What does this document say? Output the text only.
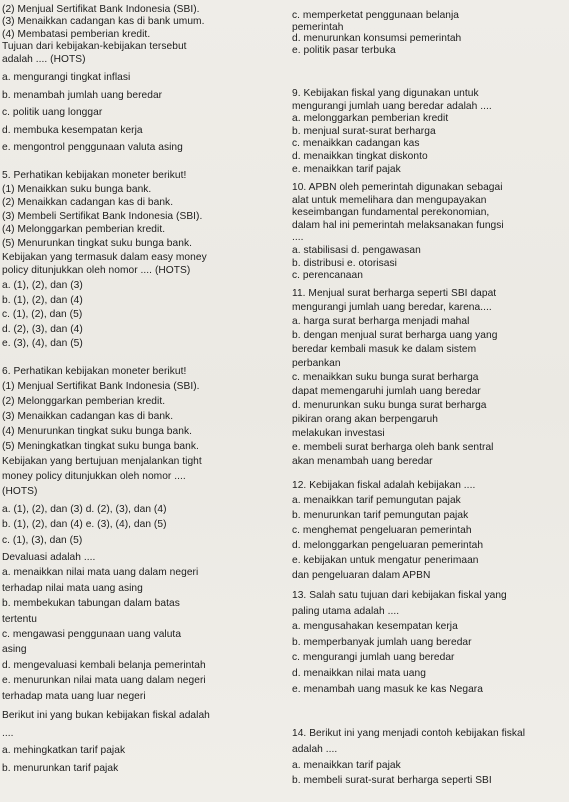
(2) Menjual Sertifikat Bank Indonesia (SBI).
(3) Menaikkan cadangan kas di bank umum.
(4) Membatasi pemberian kredit.
Tujuan dari kebijakan-kebijakan tersebut
adalah .... (HOTS)
a. mengurangi tingkat inflasi
b. menambah jumlah uang beredar
c. politik uang longgar
d. membuka kesempatan kerja
e. mengontrol penggunaan valuta asing
5. Perhatikan kebijakan moneter berikut!
(1) Menaikkan suku bunga bank.
(2) Menaikkan cadangan kas di bank.
(3) Membeli Sertifikat Bank Indonesia (SBI).
(4) Melonggarkan pemberian kredit.
(5) Menurunkan tingkat suku bunga bank.
Kebijakan yang termasuk dalam easy money
policy ditunjukkan oleh nomor .... (HOTS)
a. (1), (2), dan (3)
b. (1), (2), dan (4)
c. (1), (2), dan (5)
d. (2), (3), dan (4)
e. (3), (4), dan (5)
6. Perhatikan kebijakan moneter berikut!
(1) Menjual Sertifikat Bank Indonesia (SBI).
(2) Melonggarkan pemberian kredit.
(3) Menaikkan cadangan kas di bank.
(4) Menurunkan tingkat suku bunga bank.
(5) Meningkatkan tingkat suku bunga bank.
Kebijakan yang bertujuan menjalankan tight
money policy ditunjukkan oleh nomor ....
(HOTS)
a. (1), (2), dan (3) d. (2), (3), dan (4)
b. (1), (2), dan (4) e. (3), (4), dan (5)
c. (1), (3), dan (5)
Devaluasi adalah ....
a. menaikkan nilai mata uang dalam negeri
terhadap nilai mata uang asing
b. membekukan tabungan dalam batas
tertentu
c. mengawasi penggunaan uang valuta
asing
d. mengevaluasi kembali belanja pemerintah
e. menurunkan nilai mata uang dalam negeri
terhadap mata uang luar negeri
Berikut ini yang bukan kebijakan fiskal adalah
....
a. mehingkatkan tarif pajak
b. menurunkan tarif pajak
c. memperketat penggunaan belanja
pemerintah
d. menurunkan konsumsi pemerintah
e. politik pasar terbuka
9. Kebijakan fiskal yang digunakan untuk
mengurangi jumlah uang beredar adalah ....
a. melonggarkan pemberian kredit
b. menjual surat-surat berharga
c. menaikkan cadangan kas
d. menaikkan tingkat diskonto
e. menaikkan tarif pajak
10. APBN oleh pemerintah digunakan sebagai
alat untuk memelihara dan mengupayakan
keseimbangan fundamental perekonomian,
dalam hal ini pemerintah melaksanakan fungsi
....
a. stabilisasi d. pengawasan
b. distribusi e. otorisasi
c. perencanaan
11. Menjual surat berharga seperti SBI dapat
mengurangi jumlah uang beredar, karena....
a. harga surat berharga menjadi mahal
b. dengan menjual surat berharga uang yang
beredar kembali masuk ke dalam sistem
perbankan
c. menaikkan suku bunga surat berharga
dapat memengaruhi jumlah uang beredar
d. menurunkan suku bunga surat berharga
pikiran orang akan berpengaruh
melakukan investasi
e. membeli surat berharga oleh bank sentral
akan menambah uang beredar
12. Kebijakan fiskal adalah kebijakan ....
a. menaikkan tarif pemungutan pajak
b. menurunkan tarif pemungutan pajak
c. menghemat pengeluaran pemerintah
d. melonggarkan pengeluaran pemerintah
e. kebijakan untuk mengatur penerimaan
dan pengeluaran dalam APBN
13. Salah satu tujuan dari kebijakan fiskal yang
paling utama adalah ....
a. mengusahakan kesempatan kerja
b. memperbanyak jumlah uang beredar
c. mengurangi jumlah uang beredar
d. menaikkan nilai mata uang
e. menambah uang masuk ke kas Negara
14. Berikut ini yang menjadi contoh kebijakan fiskal
adalah ....
a. menaikkan tarif pajak
b. membeli surat-surat berharga seperti SBI
